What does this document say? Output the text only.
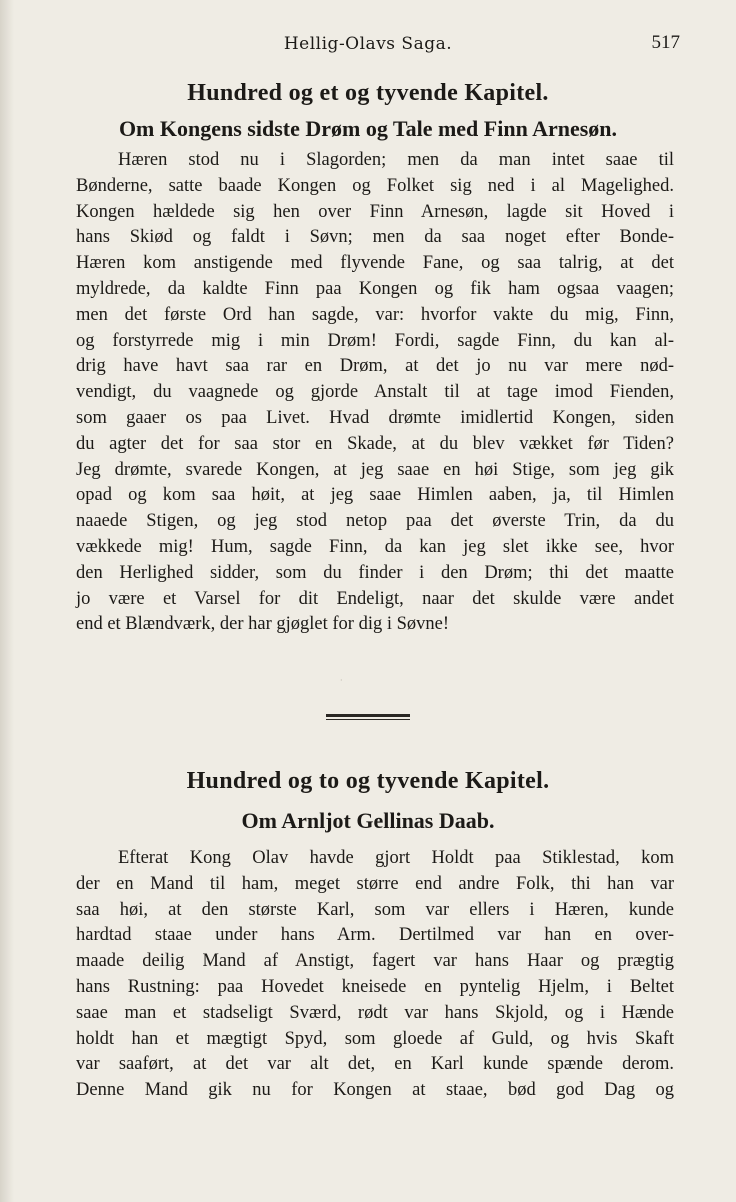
Hellig-Olavs Saga.	517
Hundred og et og tyvende Kapitel.
Om Kongens sidste Drøm og Tale med Finn Arnesøn.
Hæren stod nu i Slagorden; men da man intet saae til
Bønderne, satte baade Kongen og Folket sig ned i al Magelighed.
Kongen hældede sig hen over Finn Arnesøn, lagde sit Hoved i
hans Skiød og faldt i Søvn; men da saa noget efter Bonde-
Hæren kom anstigende med flyvende Fane, og saa talrig, at det
myldrede, da kaldte Finn paa Kongen og fik ham ogsaa vaagen;
men det første Ord han sagde, var: hvorfor vakte du mig, Finn,
og forstyrrede mig i min Drøm! Fordi, sagde Finn, du kan al-
drig have havt saa rar en Drøm, at det jo nu var mere nød-
vendigt, du vaagnede og gjorde Anstalt til at tage imod Fienden,
som gaaer os paa Livet. Hvad drømte imidlertid Kongen, siden
du agter det for saa stor en Skade, at du blev vækket før Tiden?
Jeg drømte, svarede Kongen, at jeg saae en høi Stige, som jeg gik
opad og kom saa høit, at jeg saae Himlen aaben, ja, til Himlen
naaede Stigen, og jeg stod netop paa det øverste Trin, da du
vækkede mig! Hum, sagde Finn, da kan jeg slet ikke see, hvor
den Herlighed sidder, som du finder i den Drøm; thi det maatte
jo være et Varsel for dit Endeligt, naar det skulde være andet
end et Blændværk, der har gjøglet for dig i Søvne!
·
Hundred og to og tyvende Kapitel.
Om Arnljot Gellinas Daab.
Efterat Kong Olav havde gjort Holdt paa Stiklestad, kom
der en Mand til ham, meget større end andre Folk, thi han var
saa høi, at den største Karl, som var ellers i Hæren, kunde
hardtad staae under hans Arm. Dertilmed var han en over-
maade deilig Mand af Anstigt, fagert var hans Haar og prægtig
hans Rustning: paa Hovedet kneisede en pyntelig Hjelm, i Beltet
saae man et stadseligt Sværd, rødt var hans Skjold, og i Hænde
holdt han et mægtigt Spyd, som gloede af Guld, og hvis Skaft
var saaført, at det var alt det, en Karl kunde spænde derom.
Denne Mand gik nu for Kongen at staae, bød god Dag og
